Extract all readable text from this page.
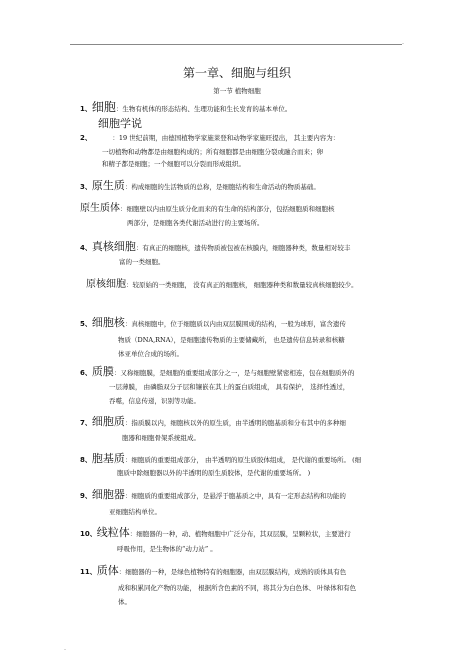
-
第一章、细胞与组织
第一节 植物细胞
1、细胞：生物有机体的形态结构、生理功能和生长发育的基本单位。
细胞学说
2、	：19 世纪前期，由德国植物学家施莱登和动物学家施旺提出， 其主要内容为：
一切植物和动物都是由细胞构成的；所有细胞都是由细胞分裂或融合而来；卵
和精子都是细胞；一个细胞可以分裂而形成组织。
3、原生质：构成细胞的生活物质的总称，是细胞结构和生命活动的物质基础。
原生质体：细胞壁以内由原生质分化而来的有生命的结构部分，包括细胞质和细胞核
两部分，是细胞各类代谢活动进行的主要场所。
4、真核细胞：有真正的细胞核，遗传物质被包被在核膜内，细胞器种类，数量相对较丰
富的一类细胞。
原核细胞：较原始的一类细胞， 没有真正的细胞核， 细胞器种类和数量较真核细胞较少。
5、细胞核：真核细胞中，位于细胞质以内由双层膜围成的结构，一般为球形，富含遗传
物质（DNA,RNA），是细胞遗传物质的主要储藏所， 也是遗传信息转录和核糖
体亚单位合成的场所。
6、质膜：又称细胞膜，是细胞的重要组成部分之一，是与细胞壁紧密相连，包在细胞质外的
一层薄膜， 由磷脂双分子层和镶嵌在其上的蛋白质组成， 具有保护， 选择性透过，
吞噬，信息传递，识别等功能。
7、细胞质：指质膜以内，细胞核以外的原生质，由半透明的胞基质和分布其中的多种细
胞器和细胞骨架系统组成。
8、胞基质：细胞质的重要组成部分， 由半透明的原生质胶体组成， 是代谢的重要场所。 (细
胞质中除细胞器以外的半透明的原生质胶体，是代谢的重要场所。 )
9、细胞器：细胞质的重要组成部分，是悬浮于胞基质之中，具有一定形态结构和功能的
亚细胞结构单位。
10、线粒体：细胞器的一种，动、植物细胞中广泛分布，其双层膜，呈颗粒状，主要进行
呼吸作用，是生物体的“动力站” 。
11、质体：细胞器的一种，是绿色植物特有的细胞器，由双层膜结构，成熟的质体具有色
成和积累同化产物的功能， 根据所含色素的不同，将其分为白色体、 叶绿体和有色
体。
-
